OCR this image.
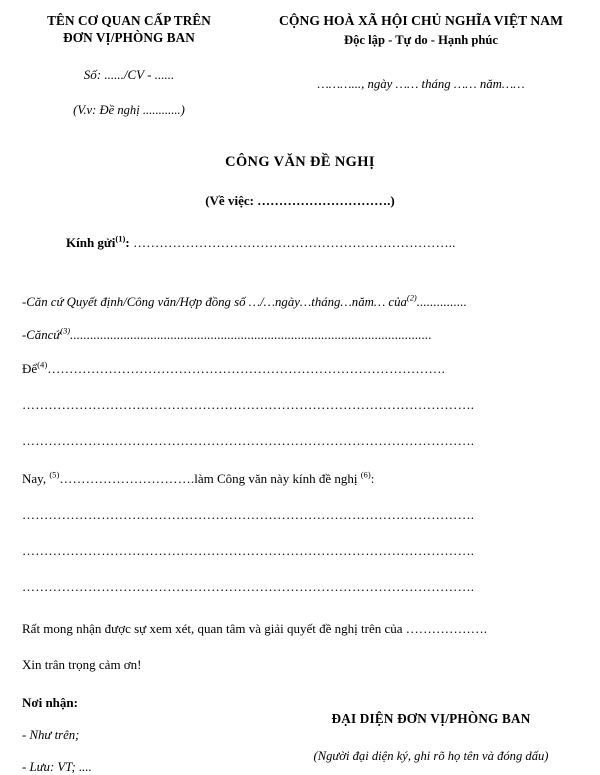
TÊN CƠ QUAN CẤP TRÊN
ĐƠN VỊ/PHÒNG BAN
Số: ....../CV - ......
(V.v: Đề nghị ............)
CỘNG HOÀ XÃ HỘI CHỦ NGHĨA VIỆT NAM
Độc lập - Tự do - Hạnh phúc
………..., ngày …… tháng …… năm……
CÔNG VĂN ĐỀ NGHỊ
(Về việc: ………………………….)
Kính gửi$^{(1)}$: ………………………………………………………………..
-Căn cứ Quyết định/Công văn/Hợp đồng số …/…ngày…tháng…năm… của$^{(2)}$...............
-Căncứ$^{(3)}$............................................................................................................
Để$^{(4)}$……………………………………………………………………………….
………………………………………………………………………………………….
………………………………………………………………………………………….
Nay, $^{(5)}$………………………….làm Công văn này kính đề nghị $^{(6)}$:
………………………………………………………………………………………….
………………………………………………………………………………………….
………………………………………………………………………………………….
Rất mong nhận được sự xem xét, quan tâm và giải quyết đề nghị trên của ……………….
Xin trân trọng cảm ơn!
Nơi nhận:
- Như trên;
- Lưu: VT; ....
ĐẠI DIỆN ĐƠN VỊ/PHÒNG BAN
(Người đại diện ký, ghi rõ họ tên và đóng dấu)
